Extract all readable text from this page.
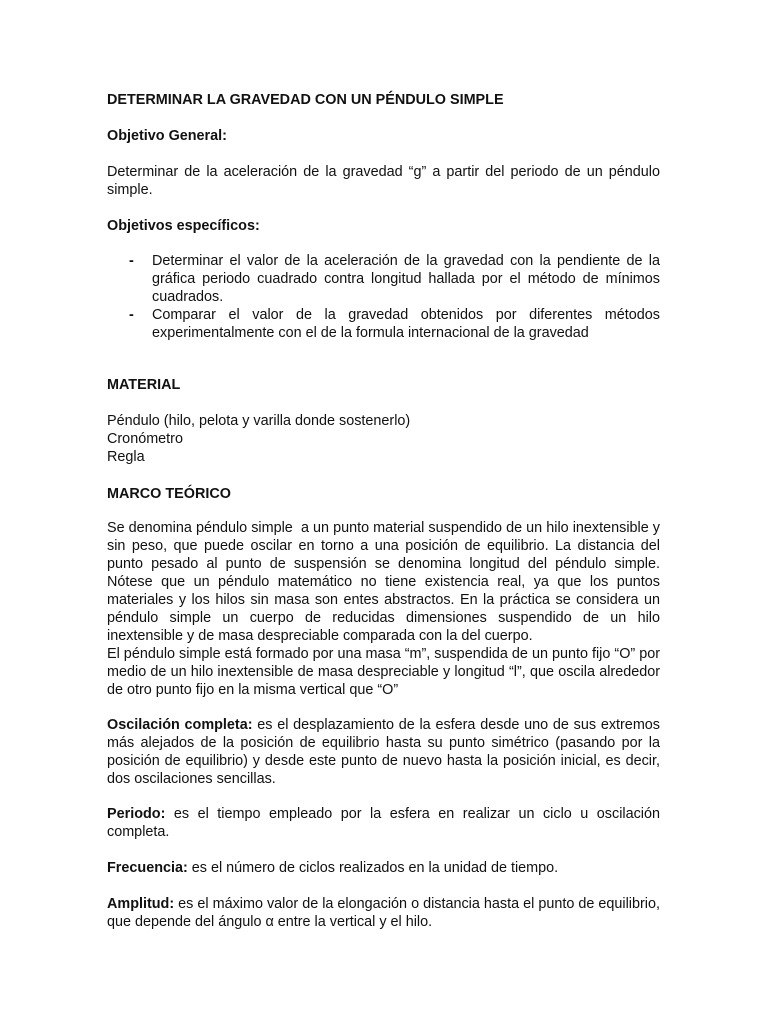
DETERMINAR LA GRAVEDAD CON UN PÉNDULO SIMPLE
Objetivo General:
Determinar de la aceleración de la gravedad “g” a partir del periodo de un péndulo simple.
Objetivos específicos:
- Determinar el valor de la aceleración de la gravedad con la pendiente de la gráfica periodo cuadrado contra longitud hallada por el método de mínimos cuadrados.
- Comparar el valor de la gravedad obtenidos por diferentes métodos experimentalmente con el de la formula internacional de la gravedad
MATERIAL
Péndulo (hilo, pelota y varilla donde sostenerlo)
Cronómetro
Regla
MARCO TEÓRICO
Se denomina péndulo simple  a un punto material suspendido de un hilo inextensible y sin peso, que puede oscilar en torno a una posición de equilibrio. La distancia del punto pesado al punto de suspensión se denomina longitud del péndulo simple. Nótese que un péndulo matemático no tiene existencia real, ya que los puntos materiales y los hilos sin masa son entes abstractos. En la práctica se considera un péndulo simple un cuerpo de reducidas dimensiones suspendido de un hilo inextensible y de masa despreciable comparada con la del cuerpo.
El péndulo simple está formado por una masa “m”, suspendida de un punto fijo “O” por medio de un hilo inextensible de masa despreciable y longitud “l”, que oscila alrededor de otro punto fijo en la misma vertical que “O”
Oscilación completa: es el desplazamiento de la esfera desde uno de sus extremos más alejados de la posición de equilibrio hasta su punto simétrico (pasando por la posición de equilibrio) y desde este punto de nuevo hasta la posición inicial, es decir, dos oscilaciones sencillas.
Periodo: es el tiempo empleado por la esfera en realizar un ciclo u oscilación completa.
Frecuencia: es el número de ciclos realizados en la unidad de tiempo.
Amplitud: es el máximo valor de la elongación o distancia hasta el punto de equilibrio, que depende del ángulo α entre la vertical y el hilo.
